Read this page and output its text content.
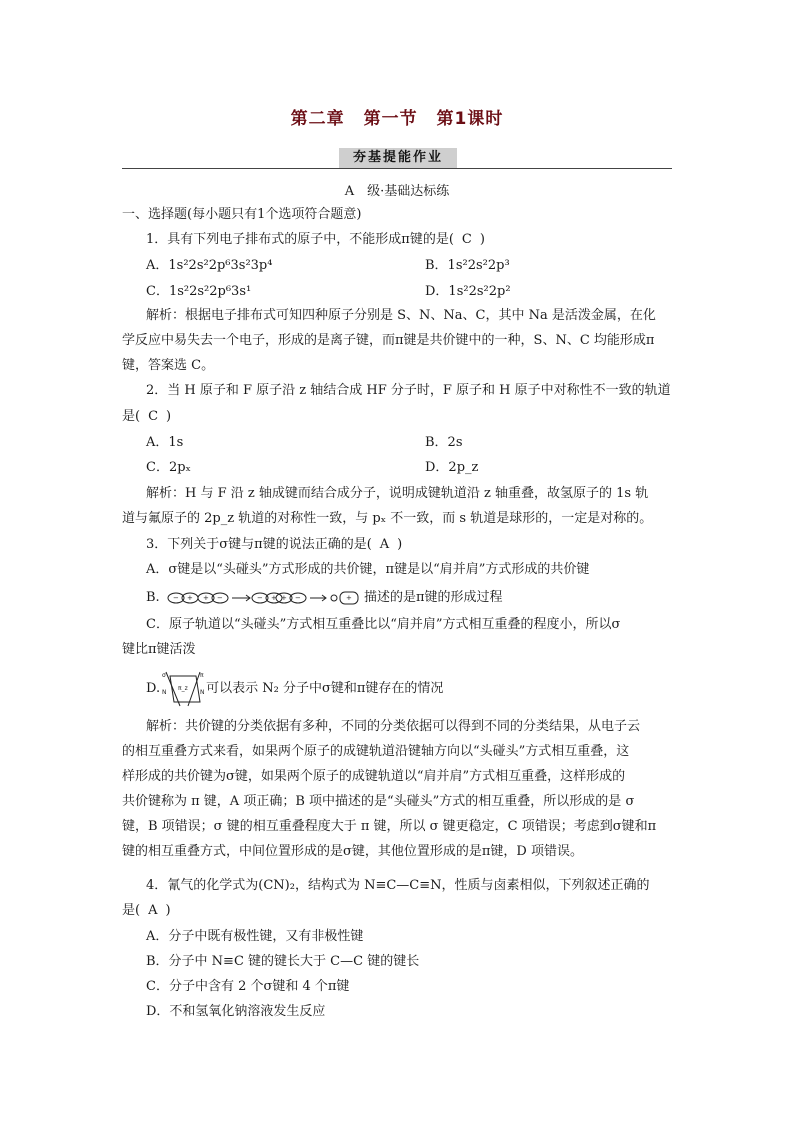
第二章 第一节 第1课时
夯基提能作业
A　级·基础达标练
一、选择题(每小题只有1个选项符合题意)
1．具有下列电子排布式的原子中，不能形成π键的是( C )
A．1s²2s²2p⁶3s²3p⁴	B．1s²2s²2p³
C．1s²2s²2p⁶3s¹	D．1s²2s²2p²
解析：根据电子排布式可知四种原子分别是 S、N、Na、C，其中 Na 是活泼金属，在化
学反应中易失去一个电子，形成的是离子键，而π键是共价键中的一种，S、N、C 均能形成π
键，答案选 C。
2．当 H 原子和 F 原子沿 z 轴结合成 HF 分子时，F 原子和 H 原子中对称性不一致的轨道
是( C )
A．1s	B．2s
C．2pₓ	D．2p_z
解析：H 与 F 沿 z 轴成键而结合成分子，说明成键轨道沿 z 轴重叠，故氢原子的 1s 轨
道与氟原子的 2p_z 轨道的对称性一致，与 pₓ 不一致，而 s 轨道是球形的，一定是对称的。
3．下列关于σ键与π键的说法正确的是( A )
A．σ键是以“头碰头”方式形成的共价键，π键是以“肩并肩”方式形成的共价键
B. − + + −	− + + −	+ 描述的是π键的形成过程
C．原子轨道以“头碰头”方式相互重叠比以“肩并肩”方式相互重叠的程度小，所以σ
键比π键活泼
D.
σ	π
π_z
N	N 可以表示 N₂ 分子中σ键和π键存在的情况
解析：共价键的分类依据有多种，不同的分类依据可以得到不同的分类结果，从电子云
的相互重叠方式来看，如果两个原子的成键轨道沿键轴方向以“头碰头”方式相互重叠，这
样形成的共价键为σ键，如果两个原子的成键轨道以“肩并肩”方式相互重叠，这样形成的
共价键称为 π 键，A 项正确；B 项中描述的是“头碰头”方式的相互重叠，所以形成的是 σ
键，B 项错误；σ 键的相互重叠程度大于 π 键，所以 σ 键更稳定，C 项错误；考虑到σ键和π
键的相互重叠方式，中间位置形成的是σ键，其他位置形成的是π键，D 项错误。
4．氰气的化学式为(CN)₂，结构式为 N≡C—C≡N，性质与卤素相似，下列叙述正确的
是( A )
A．分子中既有极性键，又有非极性键
B．分子中 N≡C 键的键长大于 C—C 键的键长
C．分子中含有 2 个σ键和 4 个π键
D．不和氢氧化钠溶液发生反应
